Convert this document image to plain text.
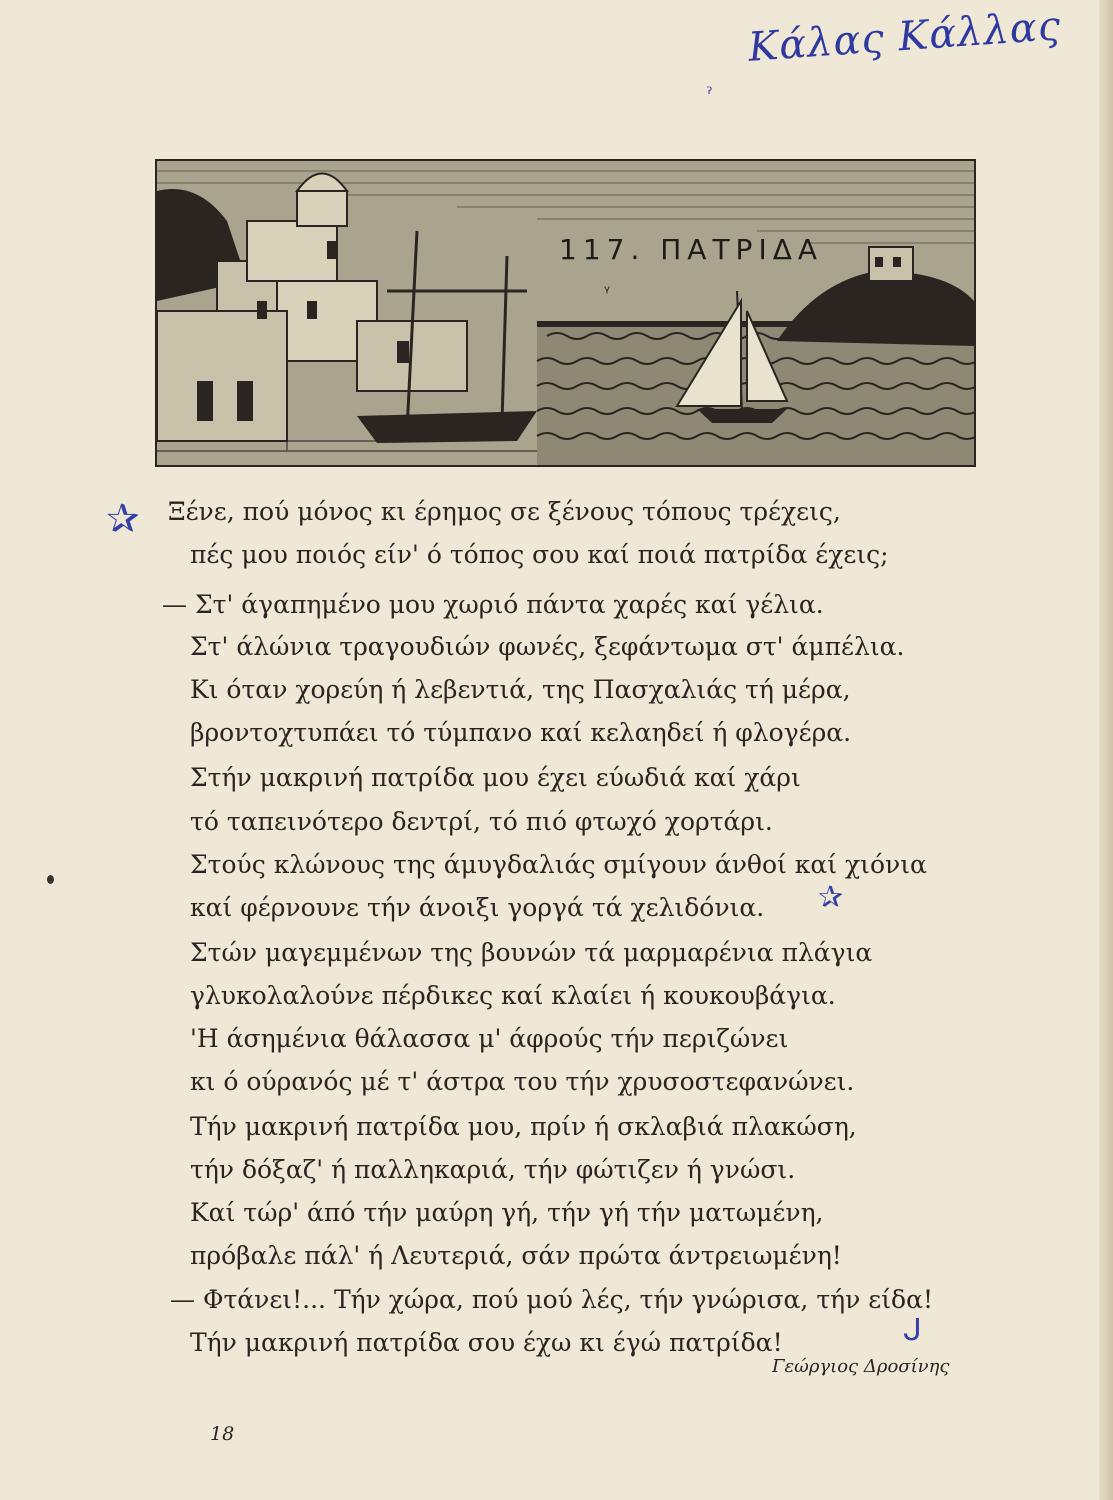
Κάλας Κάλλας
ˀ
117. ΠΑΤΡΙΔΑ
✰
✰
ᒍ
ᵞ
Ξένε, πού μόνος κι έρημος σε ξένους τόπους τρέχεις,
πές μου ποιός είν' ό τόπος σου καί ποιά πατρίδα έχεις;
— Στ' άγαπημένο μου χωριό πάντα χαρές καί γέλια.
Στ' άλώνια τραγουδιών φωνές, ξεφάντωμα στ' άμπέλια.
Κι όταν χορεύη ή λεβεντιά, της Πασχαλιάς τή μέρα,
βροντοχτυπάει τό τύμπανο καί κελαηδεί ή φλογέρα.
Στήν μακρινή πατρίδα μου έχει εύωδιά καί χάρι
τό ταπεινότερο δεντρί, τό πιό φτωχό χορτάρι.
Στούς κλώνους της άμυγδαλιάς σμίγουν άνθοί καί χιόνια
καί φέρνουνε τήν άνοιξι γοργά τά χελιδόνια.
Στών μαγεμμένων της βουνών τά μαρμαρένια πλάγια
γλυκολαλούνε πέρδικες καί κλαίει ή κουκουβάγια.
'Η άσημένια θάλασσα μ' άφρούς τήν περιζώνει
κι ό ούρανός μέ τ' άστρα του τήν χρυσοστεφανώνει.
Τήν μακρινή πατρίδα μου, πρίν ή σκλαβιά πλακώση,
τήν δόξαζ' ή παλληκαριά, τήν φώτιζεν ή γνώσι.
Καί τώρ' άπό τήν μαύρη γή, τήν γή τήν ματωμένη,
πρόβαλε πάλ' ή Λευτεριά, σάν πρώτα άντρειωμένη!
— Φτάνει!... Τήν χώρα, πού μού λές, τήν γνώρισα, τήν είδα!
Τήν μακρινή πατρίδα σου έχω κι έγώ πατρίδα!
Γεώργιος Δροσίνης
18
